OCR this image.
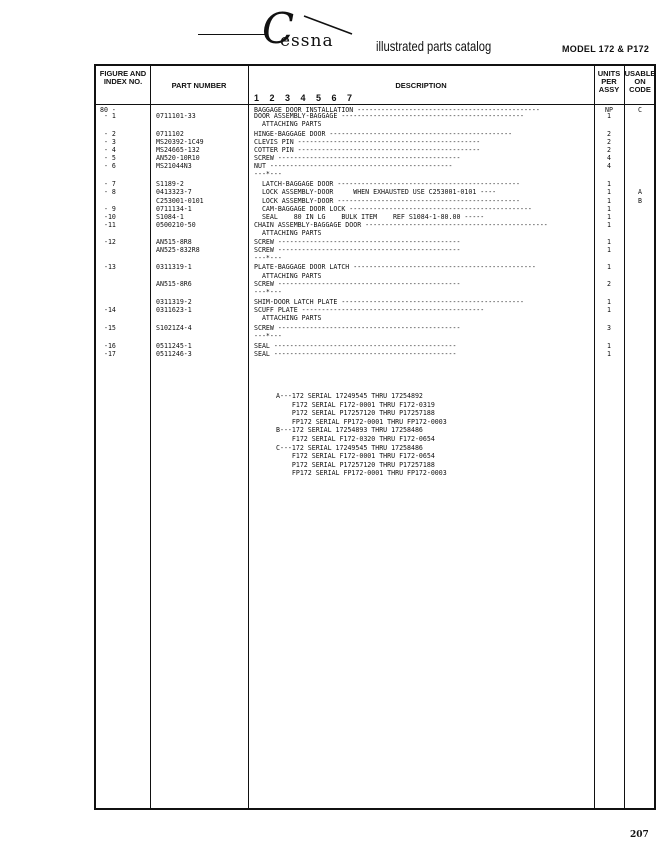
C
essna	illustrated parts catalog	MODEL 172 & P172
FIGURE AND INDEX NO.	PART NUMBER	DESCRIPTION
UNITS PER ASSY
USABLE ON CODE
1 2 3 4 5 6 7
80 -	BAGGAGE DOOR INSTALLATION ----------------------------------------------	NP	C
- 1	0711101-33	DOOR ASSEMBLY-BAGGAGE ----------------------------------------------	1
ATTACHING PARTS
- 2	0711102	HINGE-BAGGAGE DOOR ----------------------------------------------	2
- 3	MS20392-1C49	CLEVIS PIN ----------------------------------------------	2
- 4	MS24665-132	COTTER PIN ----------------------------------------------	2
- 5	AN520-10R10	SCREW ----------------------------------------------	4
- 6	MS21044N3	NUT ----------------------------------------------	4
---*---
- 7	S1189-2	LATCH-BAGGAGE DOOR ----------------------------------------------	1
- 8	0413323-7	LOCK ASSEMBLY-DOOR     WHEN EXHAUSTED USE C253001-0101 ----	1	A
C253001-0101	LOCK ASSEMBLY-DOOR ----------------------------------------------	1	B
- 9	0711134-1	CAM-BAGGAGE DOOR LOCK ----------------------------------------------	1
-10	S1084-1	SEAL    80 IN LG    BULK ITEM    REF S1084-1-80.00 -----	1
-11	0500210-50	CHAIN ASSEMBLY-BAGGAGE DOOR ----------------------------------------------	1
ATTACHING PARTS
-12	AN515-8R8	SCREW ----------------------------------------------	1
AN525-832R8	SCREW ----------------------------------------------	1
---*---
-13	0311319-1	PLATE-BAGGAGE DOOR LATCH ----------------------------------------------	1
ATTACHING PARTS
AN515-8R6	SCREW ----------------------------------------------	2
---*---
0311319-2	SHIM-DOOR LATCH PLATE ----------------------------------------------	1
-14	0311623-1	SCUFF PLATE ----------------------------------------------	1
ATTACHING PARTS
-15	S1021Z4-4	SCREW ----------------------------------------------	3
---*---
-16	0511245-1	SEAL ----------------------------------------------	1
-17	0511246-3	SEAL ----------------------------------------------	1
A---172 SERIAL 17249545 THRU 17254892
F172 SERIAL F172-0001 THRU F172-0319
P172 SERIAL P17257120 THRU P17257188
FP172 SERIAL FP172-0001 THRU FP172-0003
B---172 SERIAL 17254893 THRU 17258486
F172 SERIAL F172-0320 THRU F172-0654
C---172 SERIAL 17249545 THRU 17258486
F172 SERIAL F172-0001 THRU F172-0654
P172 SERIAL P17257120 THRU P17257188
FP172 SERIAL FP172-0001 THRU FP172-0003
207
